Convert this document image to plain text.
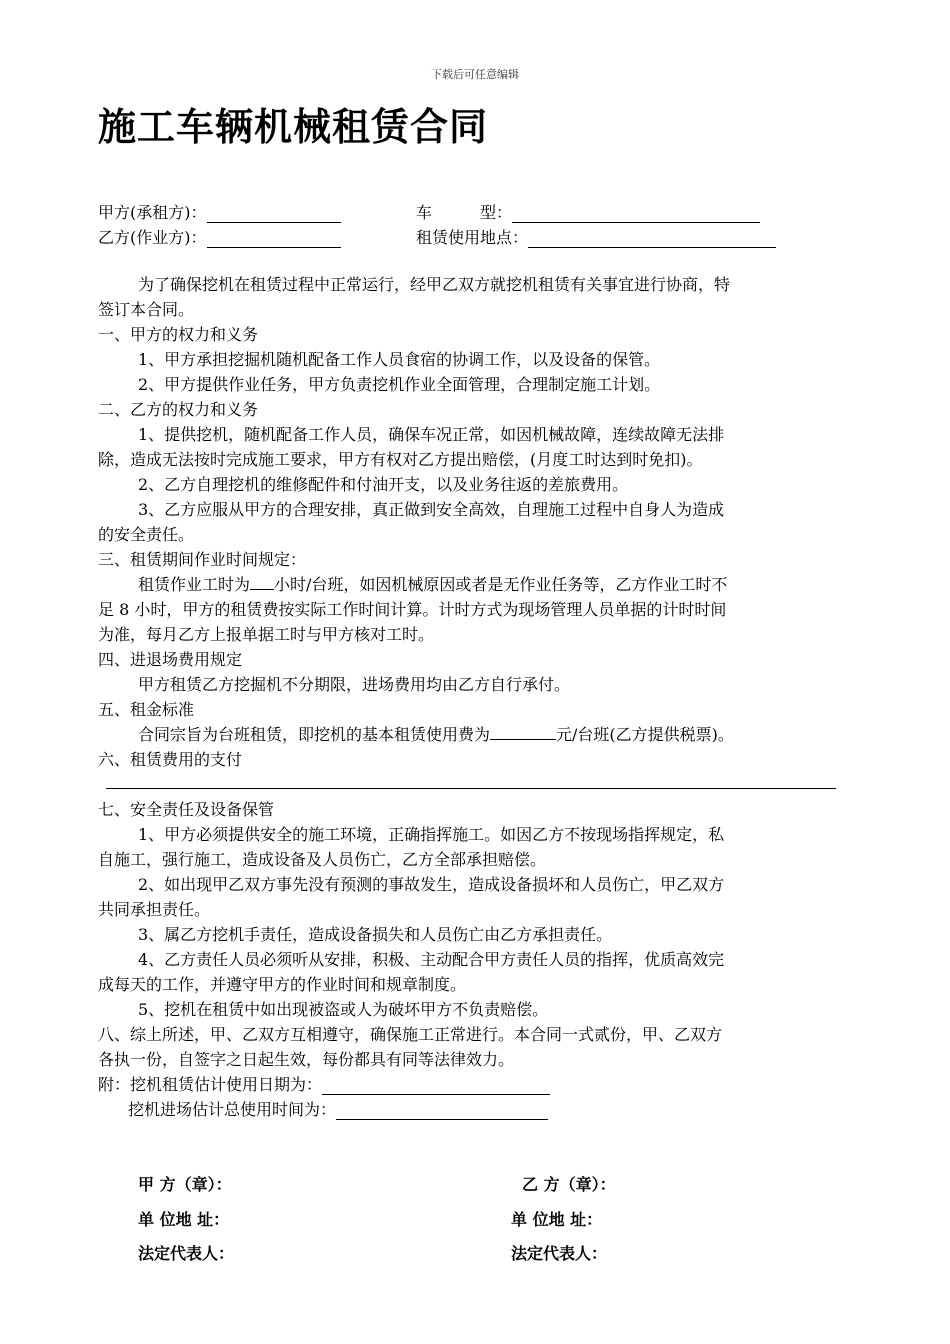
下载后可任意编辑
施工车辆机械租赁合同
甲方(承租方)：	车　　　型：
乙方(作业方)：	租赁使用地点：
为了确保挖机在租赁过程中正常运行，经甲乙双方就挖机租赁有关事宜进行协商，特
签订本合同。
一、甲方的权力和义务
1、甲方承担挖掘机随机配备工作人员食宿的协调工作，以及设备的保管。
2、甲方提供作业任务，甲方负责挖机作业全面管理，合理制定施工计划。
二、乙方的权力和义务
1、提供挖机，随机配备工作人员，确保车况正常，如因机械故障，连续故障无法排
除，造成无法按时完成施工要求，甲方有权对乙方提出赔偿，(月度工时达到时免扣)。
2、乙方自理挖机的维修配件和付油开支，以及业务往返的差旅费用。
3、乙方应服从甲方的合理安排，真正做到安全高效，自理施工过程中自身人为造成
的安全责任。
三、租赁期间作业时间规定：
租赁作业工时为 小时/台班，如因机械原因或者是无作业任务等，乙方作业工时不
足 8 小时，甲方的租赁费按实际工作时间计算。计时方式为现场管理人员单据的计时时间
为准，每月乙方上报单据工时与甲方核对工时。
四、进退场费用规定
甲方租赁乙方挖掘机不分期限，进场费用均由乙方自行承付。
五、租金标准
合同宗旨为台班租赁，即挖机的基本租赁使用费为	元/台班(乙方提供税票)。
六、租赁费用的支付
七、安全责任及设备保管
1、甲方必须提供安全的施工环境，正确指挥施工。如因乙方不按现场指挥规定，私
自施工，强行施工，造成设备及人员伤亡，乙方全部承担赔偿。
2、如出现甲乙双方事先没有预测的事故发生，造成设备损坏和人员伤亡，甲乙双方
共同承担责任。
3、属乙方挖机手责任，造成设备损失和人员伤亡由乙方承担责任。
4、乙方责任人员必须听从安排，积极、主动配合甲方责任人员的指挥，优质高效完
成每天的工作，并遵守甲方的作业时间和规章制度。
5、挖机在租赁中如出现被盗或人为破坏甲方不负责赔偿。
八、综上所述，甲、乙双方互相遵守，确保施工正常进行。本合同一式贰份，甲、乙双方
各执一份，自签字之日起生效，每份都具有同等法律效力。
附：挖机租赁估计使用日期为：
挖机进场估计总使用时间为：
甲 方（章）：	乙 方（章）：
单 位地 址：	单 位地 址：
法定代表人：	法定代表人：
